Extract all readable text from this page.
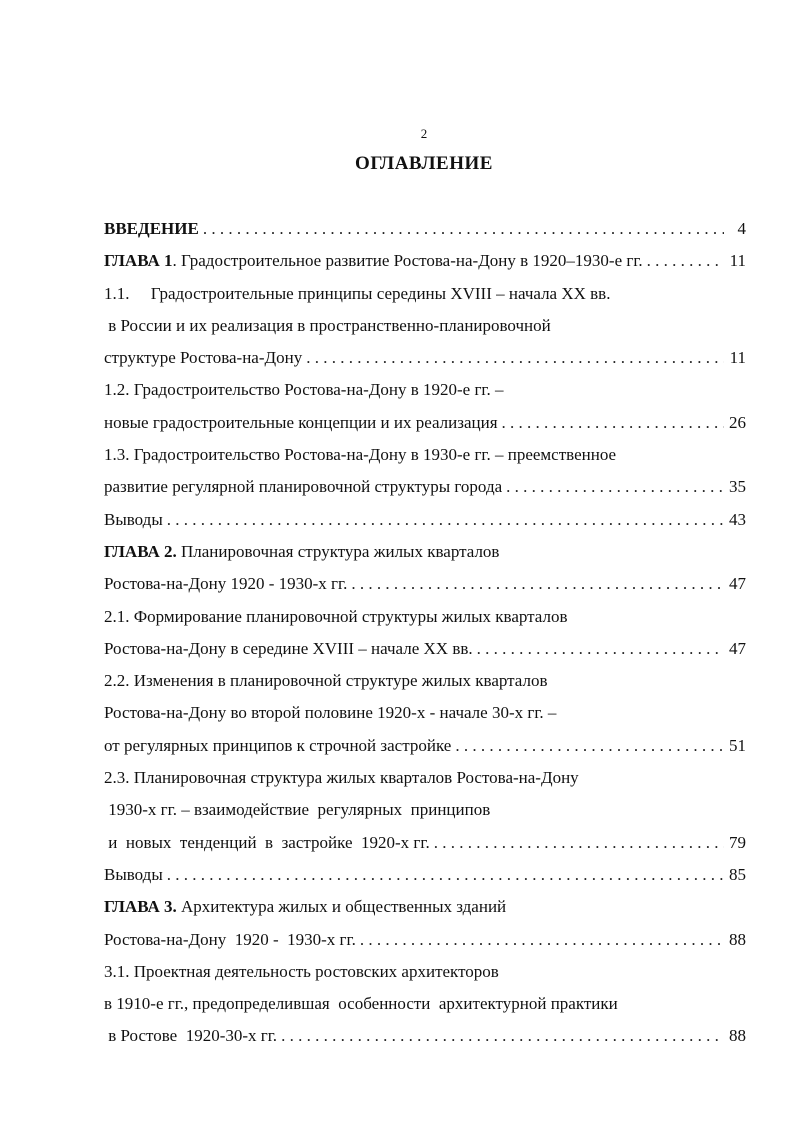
2
ОГЛАВЛЕНИЕ
ВВЕДЕНИЕ . . .	4
ГЛАВА 1. Градостроительное развитие Ростова-на-Дону в 1920–1930-е гг. . . .	11
1.1.     Градостроительные принципы середины XVIII – начала XX вв.
в России и их реализация в пространственно-планировочной
структуре Ростова-на-Дону . . .	11
1.2. Градостроительство Ростова-на-Дону в 1920-е гг. –
новые градостроительные концепции и их реализация . . .	26
1.3. Градостроительство Ростова-на-Дону в 1930-е гг. – преемственное
развитие регулярной планировочной структуры города . . .	35
Выводы . . .	43
ГЛАВА 2. Планировочная структура жилых кварталов
Ростова-на-Дону 1920 - 1930-х гг. . . .	47
2.1. Формирование планировочной структуры жилых кварталов
Ростова-на-Дону в середине XVIII – начале XX вв. . . .	47
2.2. Изменения в планировочной структуре жилых кварталов
Ростова-на-Дону во второй половине 1920-х - начале 30-х гг. –
от регулярных принципов к строчной застройке . . .	51
2.3. Планировочная структура жилых кварталов Ростова-на-Дону
1930-х гг. – взаимодействие  регулярных  принципов
и  новых  тенденций  в  застройке  1920-х гг. . . .	79
Выводы . . .	85
ГЛАВА 3. Архитектура жилых и общественных зданий
Ростова-на-Дону  1920 -  1930-х гг. . . .	88
3.1. Проектная деятельность ростовских архитекторов
в 1910-е гг., предопределившая  особенности  архитектурной практики
в Ростове  1920-30-х гг. . . .	88
